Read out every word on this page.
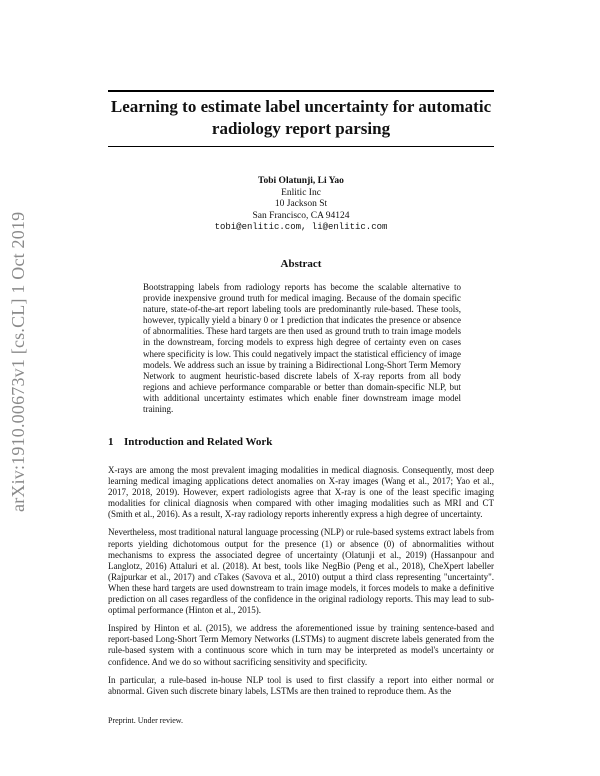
arXiv:1910.00673v1 [cs.CL] 1 Oct 2019
Learning to estimate label uncertainty for automatic radiology report parsing
Tobi Olatunji, Li Yao
Enlitic Inc
10 Jackson St
San Francisco, CA 94124
tobi@enlitic.com, li@enlitic.com
Abstract

Bootstrapping labels from radiology reports has become the scalable alternative to provide inexpensive ground truth for medical imaging. Because of the domain specific nature, state-of-the-art report labeling tools are predominantly rule-based. These tools, however, typically yield a binary 0 or 1 prediction that indicates the presence or absence of abnormalities. These hard targets are then used as ground truth to train image models in the downstream, forcing models to express high degree of certainty even on cases where specificity is low. This could negatively impact the statistical efficiency of image models. We address such an issue by training a Bidirectional Long-Short Term Memory Network to augment heuristic-based discrete labels of X-ray reports from all body regions and achieve performance comparable or better than domain-specific NLP, but with additional uncertainty estimates which enable finer downstream image model training.

1 Introduction and Related Work

X-rays are among the most prevalent imaging modalities in medical diagnosis. Consequently, most deep learning medical imaging applications detect anomalies on X-ray images (Wang et al., 2017; Yao et al., 2017, 2018, 2019). However, expert radiologists agree that X-ray is one of the least specific imaging modalities for clinical diagnosis when compared with other imaging modalities such as MRI and CT (Smith et al., 2016). As a result, X-ray radiology reports inherently express a high degree of uncertainty.

Nevertheless, most traditional natural language processing (NLP) or rule-based systems extract labels from reports yielding dichotomous output for the presence (1) or absence (0) of abnormalities without mechanisms to express the associated degree of uncertainty (Olatunji et al., 2019) (Hassanpour and Langlotz, 2016) Attaluri et al. (2018). At best, tools like NegBio (Peng et al., 2018), CheXpert labeller (Rajpurkar et al., 2017) and cTakes (Savova et al., 2010) output a third class representing "uncertainty". When these hard targets are used downstream to train image models, it forces models to make a definitive prediction on all cases regardless of the confidence in the original radiology reports. This may lead to sub-optimal performance (Hinton et al., 2015).

Inspired by Hinton et al. (2015), we address the aforementioned issue by training sentence-based and report-based Long-Short Term Memory Networks (LSTMs) to augment discrete labels generated from the rule-based system with a continuous score which in turn may be interpreted as model's uncertainty or confidence. And we do so without sacrificing sensitivity and specificity.

In particular, a rule-based in-house NLP tool is used to first classify a report into either normal or abnormal. Given such discrete binary labels, LSTMs are then trained to reproduce them. As the

Preprint. Under review.
